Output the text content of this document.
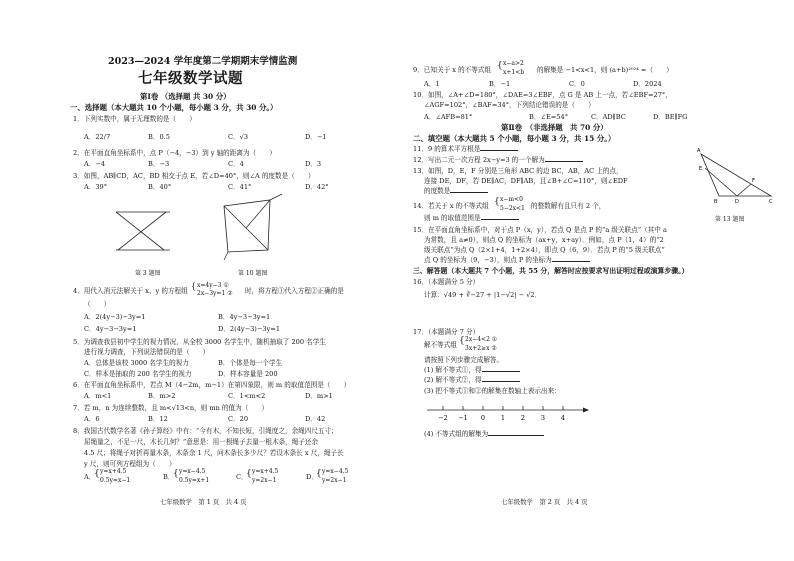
2023—2024 学年度第二学期期末学情监测
七年级数学试题
第Ⅰ卷 （选择题 共 30 分）
一、选择题（本大题共 10 个小题，每小题 3 分，共 30 分。）
1．下列实数中，属于无理数的是（　　）
A．22/7	B．0.5	C．√3	D．−1
2．在平面直角坐标系中，点 P（−4，−3）到 y 轴的距离为（　　）
A．−4	B．−3	C．4	D．3
3．如图，AB∥CD，AC，BD 相交于点 E，若∠D=40°，则∠A 的度数是（　　）
A．39°	B．40°	C．41°	D．42°
第 3 题图	第 10 题图
4．用代入消元法解关于 x、y 的方程组 { x=4y−3 ①
2x−3y=1 ② 时，将方程①代入方程②正确的是
（　　）
A．2(4y−3)−3y=1	B．4y−3−3y=1
C．4y−3−3y=1	D．2(4y−3)−3y=1
5．为调查我县初中学生的视力情况，从全校 3000 名学生中，随机抽取了 200 名学生
进行视力调查，下列说法错误的是（　　）
A．总体是该校 3000 名学生的视力	B．个体是每一个学生
C．样本是抽取的 200 名学生的视力	D．样本容量是 200
6．在平面直角坐标系中，若点 M（4−2m，m−1）在第四象限，则 m 的取值范围是（　　）
A．m<1	B．m>2	C．1<m<2	D．m>1
7．若 m，n 为连续整数，且 m<√13<n，则 mn 的值为（　　）
A．6	B．12	C．20	D．42
8．我国古代数学名著《孙子算经》中有：“今有木，不知长短，引绳度之，余绳四尺五寸；
屈绳量之，不足一尺，木长几何？”意思是：用一根绳子去量一根木条，绳子还余
4.5 尺；将绳子对折再量木条，木条余 1 尺，问木条长多少尺？若设木条长 x 尺，绳子长
y 尺，则可列方程组为（　　）
A．
{ y=x+4.5
0.5y=x−1	B．
{ y=x−4.5
0.5y=x+1	C．
{ y=x+4.5
y=2x−1	D．
{ y=x−4.5
y=2x−1
七年级数学　第 1 页　共 4 页
9．已知关于 x 的不等式组 { x−a>2
x+1<b 的解集是 −1<x<1，则 (a+b)²⁰²⁴ =（　　）
A．1	B．−1	C．0	D．2024
10．如图，∠A+∠D=180°，∠DAE=3∠EBF，点 G 是 AB 上一点，若∠EBF=27°，
∠AGF=102°，∠BAF=34°，下列结论错误的是（　　）
A．∠AFB=81°	B．∠E=54°	C．AD∥BC	D．BE∥FG
第Ⅱ卷　（非选择题　共 70 分）
二、填空题（本大题共 5 个小题，每小题 3 分，共 15 分。）
11．9 的算术平方根是
12．写出二元一次方程 2x−y=3 的一个解为
13．如图，D，E，F 分别是三角形 ABC 的边 BC，AB，AC 上的点，
连接 DE，DF，若 DE∥AC，DF∥AB，且∠B+∠C=110°，则∠EDF
的度数是
A
E
F
B	D	C
第 13 题图
14．若关于 x 的不等式组 { x−m<0
5−2x<1 的整数解有且只有 2 个，
则 m 的取值范围是
15．在平面直角坐标系中，对于点 P（x，y），若点 Q 是点 P 的“a 级关联点”（其中 a
为常数，且 a≠0），则点 Q 的坐标为（ax+y，x+ay）．例如，点 P（1，4）的“2
级关联点”为点 Q（2×1+4，1+2×4），即点 Q（6，9）．若点 P 的“5 级关联点”
点 Q 的坐标为（9，−3），则点 P 的坐标为
三、解答题（本大题共 7 个小题，共 55 分，解答时应按要求写出证明过程或演算步骤。）
16．（本题满分 5 分）
计算：√49 + ∛−27 + |1−√2| − √2．
17．（本题满分 7 分）
解不等式组 { 2x−4<2 ①
3x+2≥x ②
请按照下列步骤完成解答。
(1) 解不等式①，得
(2) 解不等式②，得
(3) 把不等式①和②的解集在数轴上表示出来：
−2 −1 0 1 2 3 4
(4) 不等式组的解集为
七年级数学　第 2 页　共 4 页
